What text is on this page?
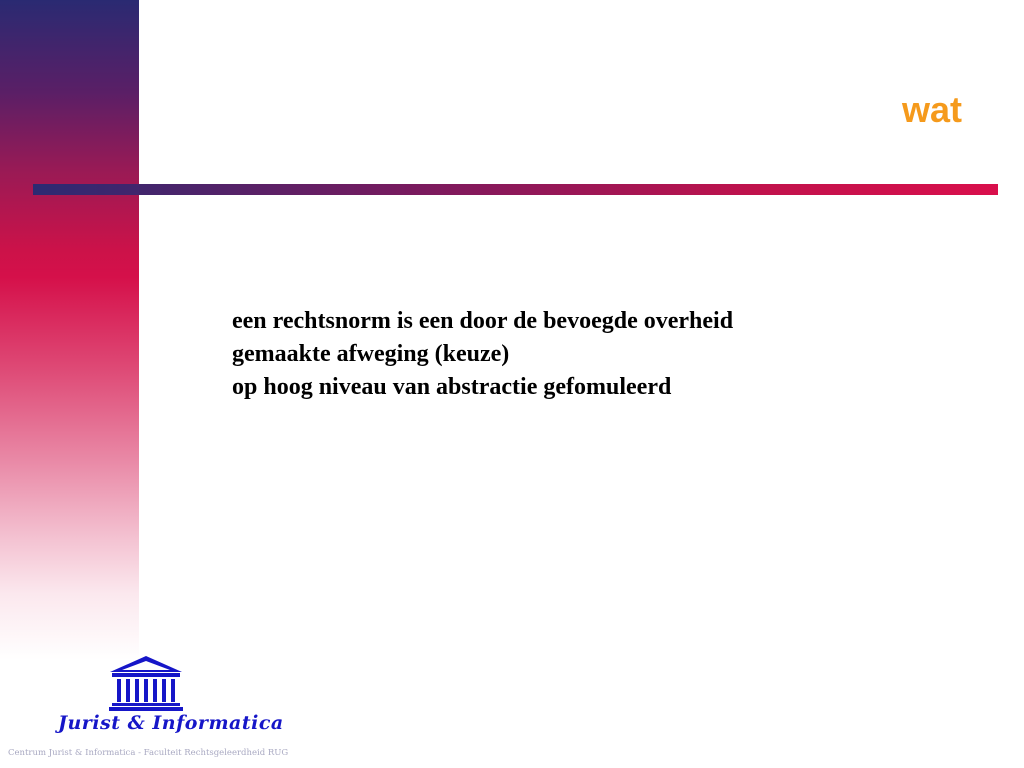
wat
een rechtsnorm is een door de bevoegde overheid
gemaakte afweging (keuze)
op hoog niveau van abstractie gefomuleerd
Jurist & Informatica
Centrum Jurist & Informatica - Faculteit Rechtsgeleerdheid RUG
